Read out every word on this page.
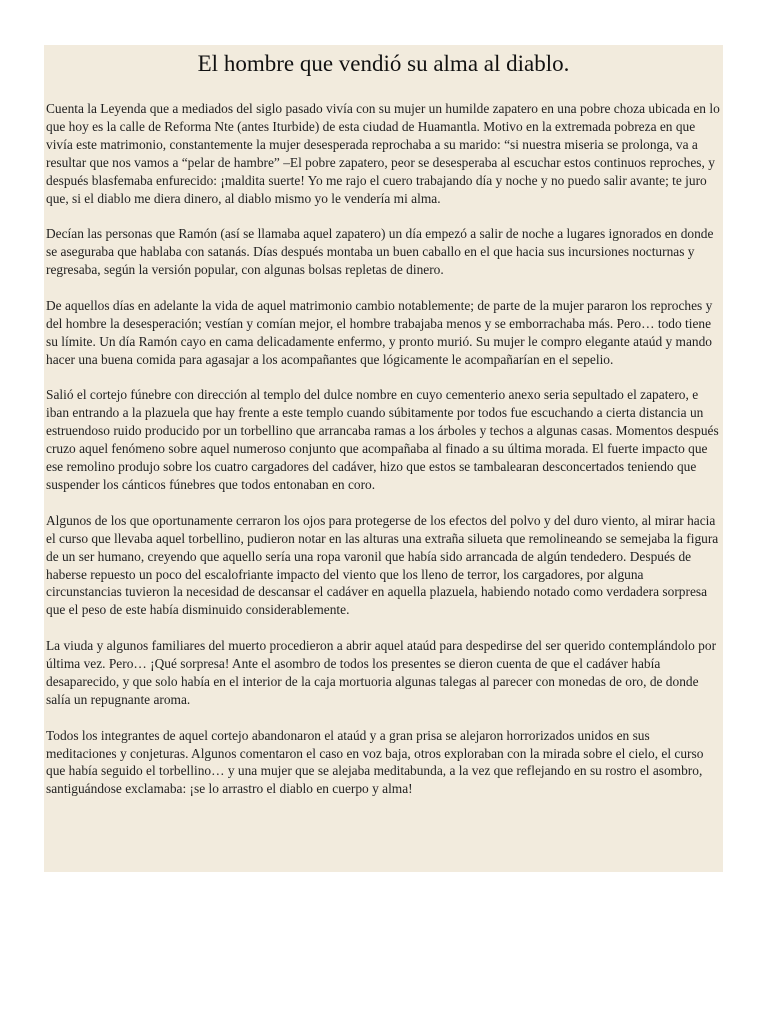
El hombre que vendió su alma al diablo.

Cuenta la Leyenda que a mediados del siglo pasado vivía con su mujer un humilde zapatero en una pobre choza ubicada en lo que hoy es la calle de Reforma Nte (antes Iturbide) de esta ciudad de Huamantla. Motivo en la extremada pobreza en que vivía este matrimonio, constantemente la mujer desesperada reprochaba a su marido: “si nuestra miseria se prolonga, va a resultar que nos vamos a “pelar de hambre” –El pobre zapatero, peor se desesperaba al escuchar estos continuos reproches, y después blasfemaba enfurecido: ¡maldita suerte! Yo me rajo el cuero trabajando día y noche y no puedo salir avante; te juro que, si el diablo me diera dinero, al diablo mismo yo le vendería mi alma.

Decían las personas que Ramón (así se llamaba aquel zapatero) un día empezó a salir de noche a lugares ignorados en donde se aseguraba que hablaba con satanás. Días después montaba un buen caballo en el que hacia sus incursiones nocturnas y regresaba, según la versión popular, con algunas bolsas repletas de dinero.

De aquellos días en adelante la vida de aquel matrimonio cambio notablemente; de parte de la mujer pararon los reproches y del hombre la desesperación; vestían y comían mejor, el hombre trabajaba menos y se emborrachaba más. Pero… todo tiene su límite. Un día Ramón cayo en cama delicadamente enfermo, y pronto murió. Su mujer le compro elegante ataúd y mando hacer una buena comida para agasajar a los acompañantes que lógicamente le acompañarían en el sepelio.

Salió el cortejo fúnebre con dirección al templo del dulce nombre en cuyo cementerio anexo seria sepultado el zapatero, e iban entrando a la plazuela que hay frente a este templo cuando súbitamente por todos fue escuchando a cierta distancia un estruendoso ruido producido por un torbellino que arrancaba ramas a los árboles y techos a algunas casas. Momentos después cruzo aquel fenómeno sobre aquel numeroso conjunto que acompañaba al finado a su última morada. El fuerte impacto que ese remolino produjo sobre los cuatro cargadores del cadáver, hizo que estos se tambalearan desconcertados teniendo que suspender los cánticos fúnebres que todos entonaban en coro.

Algunos de los que oportunamente cerraron los ojos para protegerse de los efectos del polvo y del duro viento, al mirar hacia el curso que llevaba aquel torbellino, pudieron notar en las alturas una extraña silueta que remolineando se semejaba la figura de un ser humano, creyendo que aquello sería una ropa varonil que había sido arrancada de algún tendedero. Después de haberse repuesto un poco del escalofriante impacto del viento que los lleno de terror, los cargadores, por alguna circunstancias tuvieron la necesidad de descansar el cadáver en aquella plazuela, habiendo notado como verdadera sorpresa que el peso de este había disminuido considerablemente.

La viuda y algunos familiares del muerto procedieron a abrir aquel ataúd para despedirse del ser querido contemplándolo por última vez. Pero… ¡Qué sorpresa! Ante el asombro de todos los presentes se dieron cuenta de que el cadáver había desaparecido, y que solo había en el interior de la caja mortuoria algunas talegas al parecer con monedas de oro, de donde salía un repugnante aroma.

Todos los integrantes de aquel cortejo abandonaron el ataúd y a gran prisa se alejaron horrorizados unidos en sus meditaciones y conjeturas. Algunos comentaron el caso en voz baja, otros exploraban con la mirada sobre el cielo, el curso que había seguido el torbellino… y una mujer que se alejaba meditabunda, a la vez que reflejando en su rostro el asombro, santiguándose exclamaba: ¡se lo arrastro el diablo en cuerpo y alma!
